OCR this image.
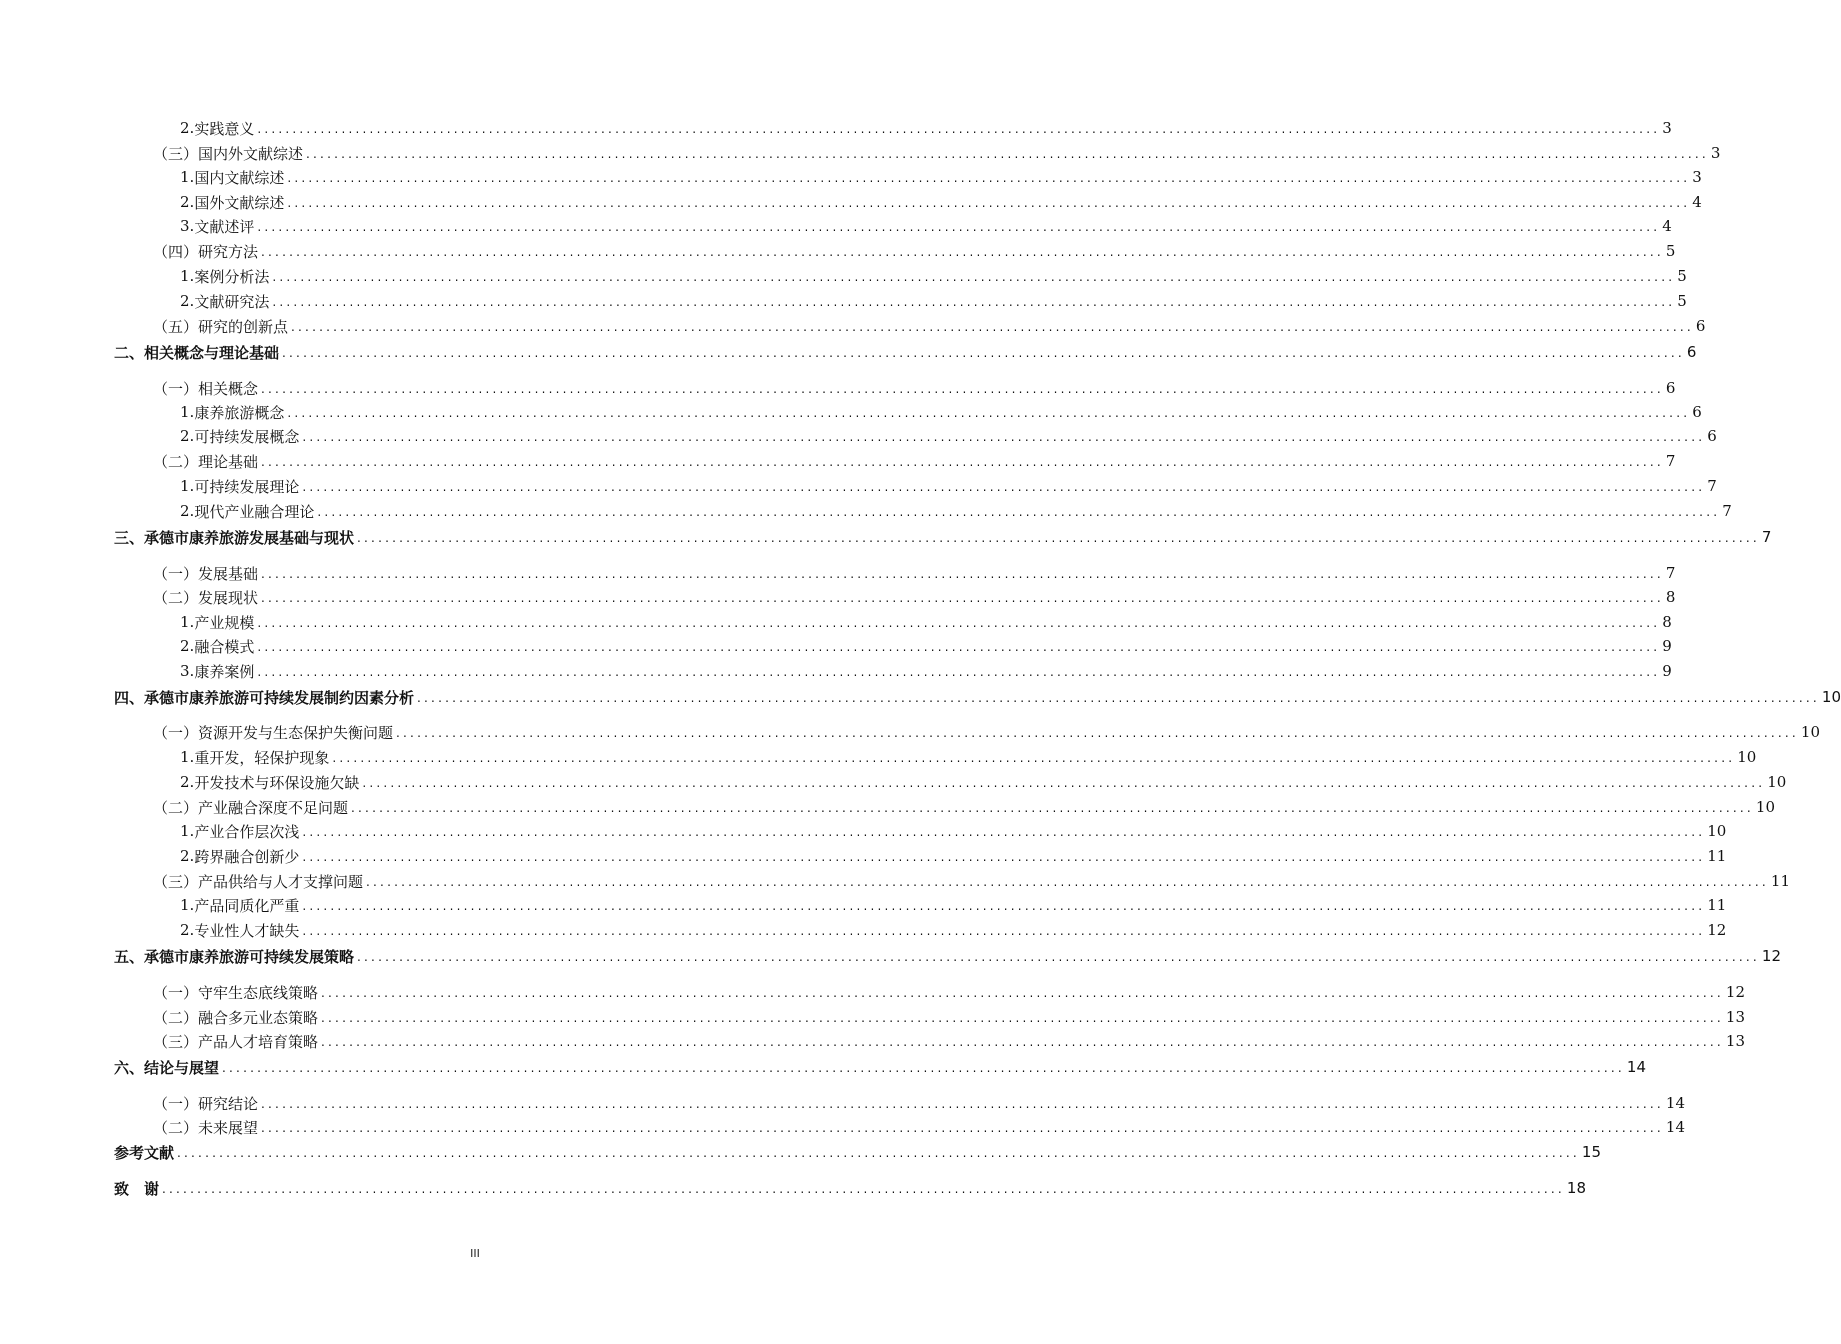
2. 实践意义 ........................................................................................................................................................................................................ 3
（三） 国内外文献综述 ........................................................................................................................................................................................................ 3
1. 国内文献综述 ........................................................................................................................................................................................................ 3
2. 国外文献综述 ........................................................................................................................................................................................................ 4
3. 文献述评 ........................................................................................................................................................................................................ 4
（四） 研究方法 ........................................................................................................................................................................................................ 5
1. 案例分析法 ........................................................................................................................................................................................................ 5
2. 文献研究法 ........................................................................................................................................................................................................ 5
（五） 研究的创新点 ........................................................................................................................................................................................................ 6
二、 相关概念与理论基础 ........................................................................................................................................................................................................ 6
（一） 相关概念 ........................................................................................................................................................................................................ 6
1. 康养旅游概念 ........................................................................................................................................................................................................ 6
2. 可持续发展概念 ........................................................................................................................................................................................................ 6
（二） 理论基础 ........................................................................................................................................................................................................ 7
1. 可持续发展理论 ........................................................................................................................................................................................................ 7
2. 现代产业融合理论 ........................................................................................................................................................................................................ 7
三、 承德市康养旅游发展基础与现状 ........................................................................................................................................................................................................ 7
（一） 发展基础 ........................................................................................................................................................................................................ 7
（二） 发展现状 ........................................................................................................................................................................................................ 8
1. 产业规模 ........................................................................................................................................................................................................ 8
2. 融合模式 ........................................................................................................................................................................................................ 9
3. 康养案例 ........................................................................................................................................................................................................ 9
四、 承德市康养旅游可持续发展制约因素分析 ........................................................................................................................................................................................................ 10
（一） 资源开发与生态保护失衡问题 ........................................................................................................................................................................................................ 10
1. 重开发，轻保护现象 ........................................................................................................................................................................................................ 10
2. 开发技术与环保设施欠缺 ........................................................................................................................................................................................................ 10
（二） 产业融合深度不足问题 ........................................................................................................................................................................................................ 10
1. 产业合作层次浅 ........................................................................................................................................................................................................ 10
2. 跨界融合创新少 ........................................................................................................................................................................................................ 11
（三） 产品供给与人才支撑问题 ........................................................................................................................................................................................................ 11
1. 产品同质化严重 ........................................................................................................................................................................................................ 11
2. 专业性人才缺失 ........................................................................................................................................................................................................ 12
五、 承德市康养旅游可持续发展策略 ........................................................................................................................................................................................................ 12
（一） 守牢生态底线策略 ........................................................................................................................................................................................................ 12
（二） 融合多元业态策略 ........................................................................................................................................................................................................ 13
（三） 产品人才培育策略 ........................................................................................................................................................................................................ 13
六、 结论与展望 ........................................................................................................................................................................................................ 14
（一） 研究结论 ........................................................................................................................................................................................................ 14
（二） 未来展望 ........................................................................................................................................................................................................ 14
参考文献 ........................................................................................................................................................................................................ 15
致　谢 ........................................................................................................................................................................................................ 18
III
